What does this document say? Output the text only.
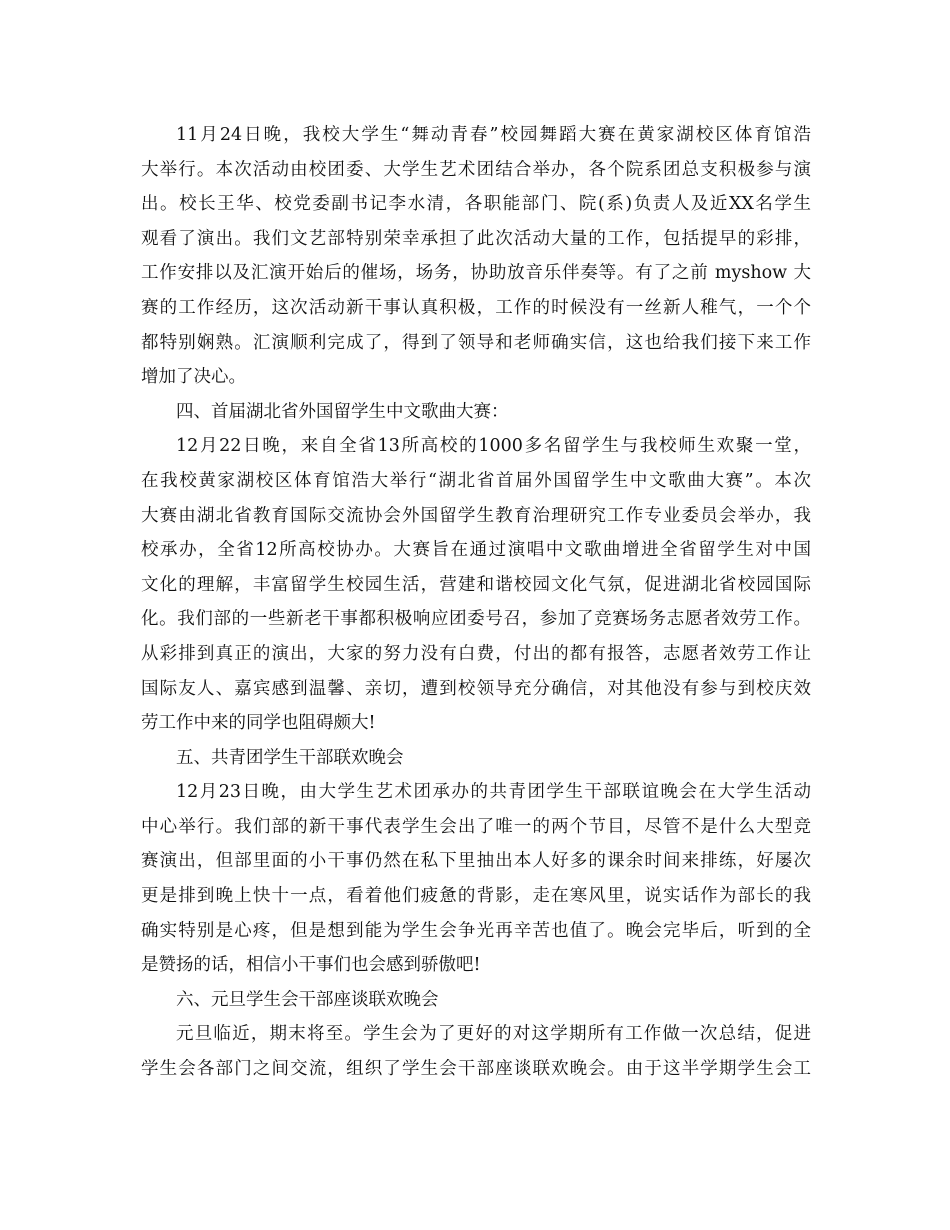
11月24日晚，我校大学生“舞动青春”校园舞蹈大赛在黄家湖校区体育馆浩
大举行。本次活动由校团委、大学生艺术团结合举办，各个院系团总支积极参与演
出。校长王华、校党委副书记李水清，各职能部门、院(系)负责人及近XX名学生
观看了演出。我们文艺部特别荣幸承担了此次活动大量的工作，包括提早的彩排，
工作安排以及汇演开始后的催场，场务，协助放音乐伴奏等。有了之前 myshow 大
赛的工作经历，这次活动新干事认真积极，工作的时候没有一丝新人稚气，一个个
都特别娴熟。汇演顺利完成了，得到了领导和老师确实信，这也给我们接下来工作
增加了决心。
四、首届湖北省外国留学生中文歌曲大赛：
12月22日晚，来自全省13所高校的1000多名留学生与我校师生欢聚一堂，
在我校黄家湖校区体育馆浩大举行“湖北省首届外国留学生中文歌曲大赛”。本次
大赛由湖北省教育国际交流协会外国留学生教育治理研究工作专业委员会举办，我
校承办，全省12所高校协办。大赛旨在通过演唱中文歌曲增进全省留学生对中国
文化的理解，丰富留学生校园生活，营建和谐校园文化气氛，促进湖北省校园国际
化。我们部的一些新老干事都积极响应团委号召，参加了竞赛场务志愿者效劳工作。
从彩排到真正的演出，大家的努力没有白费，付出的都有报答，志愿者效劳工作让
国际友人、嘉宾感到温馨、亲切，遭到校领导充分确信，对其他没有参与到校庆效
劳工作中来的同学也阻碍颇大!
五、共青团学生干部联欢晚会
12月23日晚，由大学生艺术团承办的共青团学生干部联谊晚会在大学生活动
中心举行。我们部的新干事代表学生会出了唯一的两个节目，尽管不是什么大型竞
赛演出，但部里面的小干事仍然在私下里抽出本人好多的课余时间来排练，好屡次
更是排到晚上快十一点，看着他们疲惫的背影，走在寒风里，说实话作为部长的我
确实特别是心疼，但是想到能为学生会争光再辛苦也值了。晚会完毕后，听到的全
是赞扬的话，相信小干事们也会感到骄傲吧!
六、元旦学生会干部座谈联欢晚会
元旦临近，期末将至。学生会为了更好的对这学期所有工作做一次总结，促进
学生会各部门之间交流，组织了学生会干部座谈联欢晚会。由于这半学期学生会工
